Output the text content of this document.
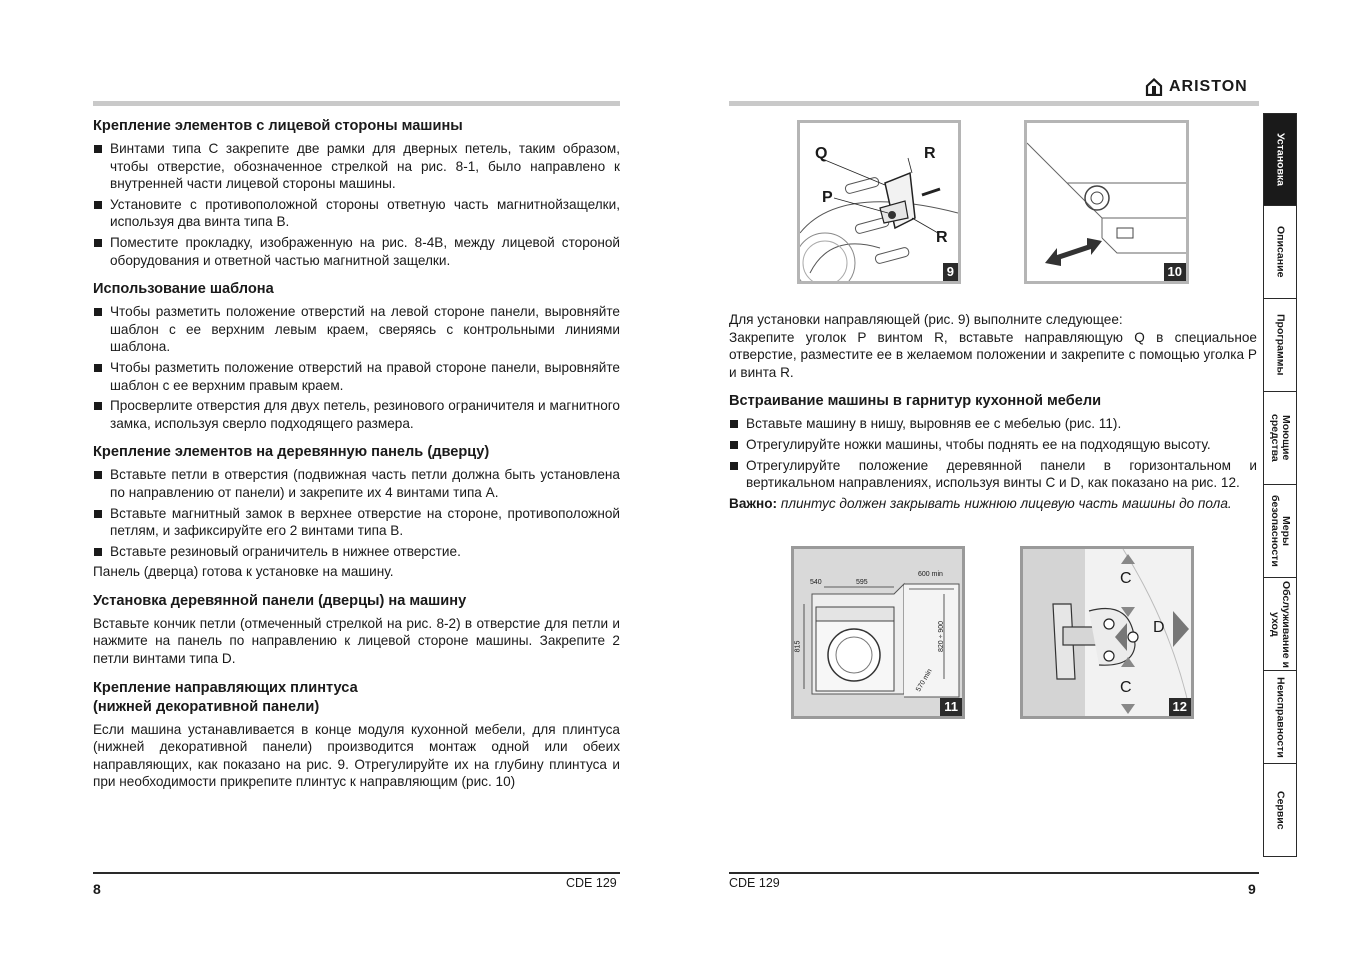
Крепление элементов с лицевой стороны машины
Винтами типа С закрепите две рамки для дверных петель, таким образом, чтобы отверстие, обозначенное стрелкой на рис. 8-1, было направлено к внутренней части лицевой стороны машины.
Установите с противоположной стороны ответную часть магнитнойзащелки, используя два винта типа В.
Поместите прокладку, изображенную на рис. 8-4В, между лицевой стороной оборудования и ответной частью магнитной защелки.
Использование шаблона
Чтобы разметить положение отверстий на левой стороне панели, выровняйте шаблон с ее верхним левым краем, сверяясь с контрольными линиями шаблона.
Чтобы разметить положение отверстий на правой стороне панели, выровняйте шаблон с ее верхним правым краем.
Просверлите отверстия для двух петель, резинового ограничителя и магнитного замка, используя сверло подходящего размера.
Крепление элементов на деревянную панель (дверцу)
Вставьте петли в отверстия (подвижная часть петли должна быть установлена по направлению от панели) и закрепите их 4 винтами типа А.
Вставьте магнитный замок в верхнее отверстие на стороне, противоположной петлям, и зафиксируйте его 2 винтами типа В.
Вставьте резиновый ограничитель в нижнее отверстие.

Панель (дверца) готова к установке на машину.

Установка деревянной панели (дверцы) на машину

Вставьте кончик петли (отмеченный стрелкой на рис. 8-2) в отверстие для петли и нажмите на панель по направлению к лицевой стороне машины. Закрепите 2 петли винтами типа D.

Крепление направляющих плинтуса
(нижней декоративной панели)

Если машина устанавливается в конце модуля кухонной мебели, для плинтуса (нижней декоративной панели) производится монтаж одной или обеих направляющих, как показано на рис. 9. Отрегулируйте их на глубину плинтуса и при необходимости прикрепите плинтус к направляющим (рис. 10)

8	CDE 129
ARISTON
Q	R
P
R
9	10

Для установки направляющей (рис. 9) выполните следующее:

Закрепите уголок P винтом R, вставьте направляющую Q в специальное отверстие, разместите ее в желаемом положении и закрепите с помощью уголка P и винта R.

Встраивание машины в гарнитур кухонной мебели
Вставьте машину в нишу, выровняв ее с мебелью (рис. 11).
Отрегулируйте ножки машины, чтобы поднять ее на подходящую высоту.
Отрегулируйте положение деревянной панели в горизонтальном и вертикальном направлениях, используя винты C и D, как показано на рис. 12.

Важно: плинтус должен закрывать нижнюю лицевую часть машины до пола.

540	595
600 min
815	820 ÷ 900
570 min
11
C
D
C
12
Установка
Описание
Программы
Моющие средства
Меры безопасности
Обслуживание и уход
Неисправности
Сервис
CDE 129	9
